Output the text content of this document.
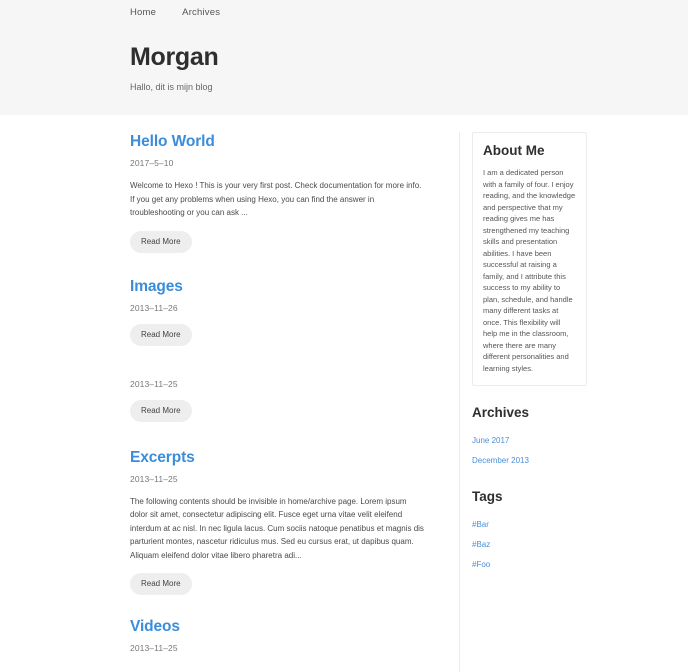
Home	Archives
Morgan

Hallo, dit is mijn blog

Hello World
2017–5–10

Welcome to Hexo ! This is your very first post. Check documentation for more info. If you get any problems when using Hexo, you can find the answer in troubleshooting or you can ask ...

Read More
Images
2013–11–26
Read More
2013–11–25
Read More
Excerpts
2013–11–25

The following contents should be invisible in home/archive page. Lorem ipsum dolor sit amet, consectetur adipiscing elit. Fusce eget urna vitae velit eleifend interdum at ac nisl. In nec ligula lacus. Cum sociis natoque penatibus et magnis dis parturient montes, nascetur ridiculus mus. Sed eu cursus erat, ut dapibus quam. Aliquam eleifend dolor vitae libero pharetra adi...

Read More
Videos
2013–11–25
About Me

I am a dedicated person with a family of four. I enjoy reading, and the knowledge and perspective that my reading gives me has strengthened my teaching skills and presentation abilities. I have been successful at raising a family, and I attribute this success to my ability to plan, schedule, and handle many different tasks at once. This flexibility will help me in the classroom, where there are many different personalities and learning styles.

Archives
June 2017
December 2013
Tags
#Bar
#Baz
#Foo
